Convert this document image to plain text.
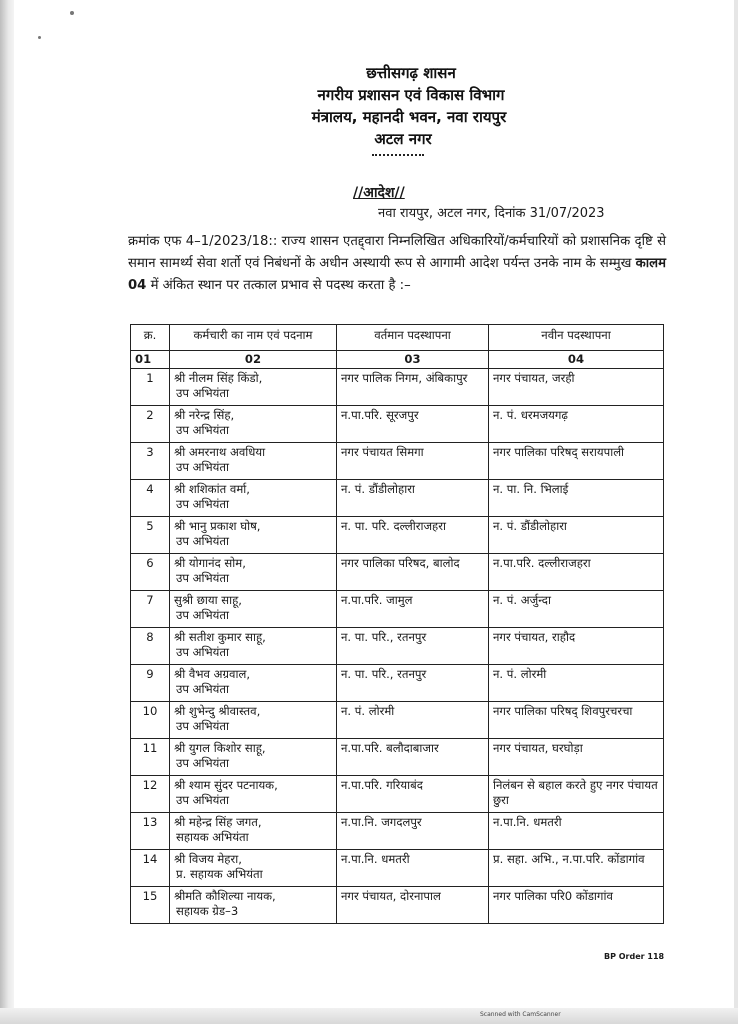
छत्तीसगढ़ शासन
नगरीय प्रशासन एवं विकास विभाग
मंत्रालय, महानदी भवन, नवा रायपुर
अटल नगर
//आदेश//
नवा रायपुर, अटल नगर, दिनांक 31/07/2023
क्रमांक एफ 4–1/2023/18:: राज्य शासन एतद्द्वारा निम्नलिखित अधिकारियों/कर्मचारियों को प्रशासनिक दृष्टि से समान सामर्थ्य सेवा शर्तो एवं निबंधनों के अधीन अस्थायी रूप से आगामी आदेश पर्यन्त उनके नाम के सम्मुख कालम 04 में अंकित स्थान पर तत्काल प्रभाव से पदस्थ करता है :–
क्र.	कर्मचारी का नाम एवं पदनाम	वर्तमान पदस्थापना	नवीन पदस्थापना
01	02	03	04
1	श्री नीलम सिंह किंडो,
उप अभियंता	नगर पालिक निगम, अंबिकापुर	नगर पंचायत, जरही
2	श्री नरेन्द्र सिंह,
उप अभियंता	न.पा.परि. सूरजपुर	न. पं. धरमजयगढ़
3	श्री अमरनाथ अवधिया
उप अभियंता	नगर पंचायत सिमगा	नगर पालिका परिषद् सरायपाली
4	श्री शशिकांत वर्मा,
उप अभियंता	न. पं. डौंडीलोहारा	न. पा. नि. भिलाई
5	श्री भानु प्रकाश घोष,
उप अभियंता	न. पा. परि. दल्लीराजहरा	न. पं. डौंडीलोहारा
6	श्री योगानंद सोम,
उप अभियंता	नगर पालिका परिषद, बालोद	न.पा.परि. दल्लीराजहरा
7	सुश्री छाया साहू,
उप अभियंता	न.पा.परि. जामुल	न. पं. अर्जुन्दा
8	श्री सतीश कुमार साहू,
उप अभियंता	न. पा. परि., रतनपुर	नगर पंचायत, राहौद
9	श्री वैभव अग्रवाल,
उप अभियंता	न. पा. परि., रतनपुर	न. पं. लोरमी
10	श्री शुभेन्दु श्रीवास्तव,
उप अभियंता	न. पं. लोरमी	नगर पालिका परिषद् शिवपुरचरचा
11	श्री युगल किशोर साहू,
उप अभियंता	न.पा.परि. बलौदाबाजार	नगर पंचायत, घरघोड़ा
12	श्री श्याम सुंदर पटनायक,
उप अभियंता	न.पा.परि. गरियाबंद	निलंबन से बहाल करते हुए नगर पंचायत छुरा
13	श्री महेन्द्र सिंह जगत,
सहायक अभियंता	न.पा.नि. जगदलपुर	न.पा.नि. धमतरी
14	श्री विजय मेहरा,
प्र. सहायक अभियंता	न.पा.नि. धमतरी	प्र. सहा. अभि., न.पा.परि. कोंडागांव
15	श्रीमति कौशिल्या नायक,
सहायक ग्रेड–3	नगर पंचायत, दोरनापाल	नगर पालिका परि0 कोंडागांव
BP Order 118
Scanned with CamScanner
